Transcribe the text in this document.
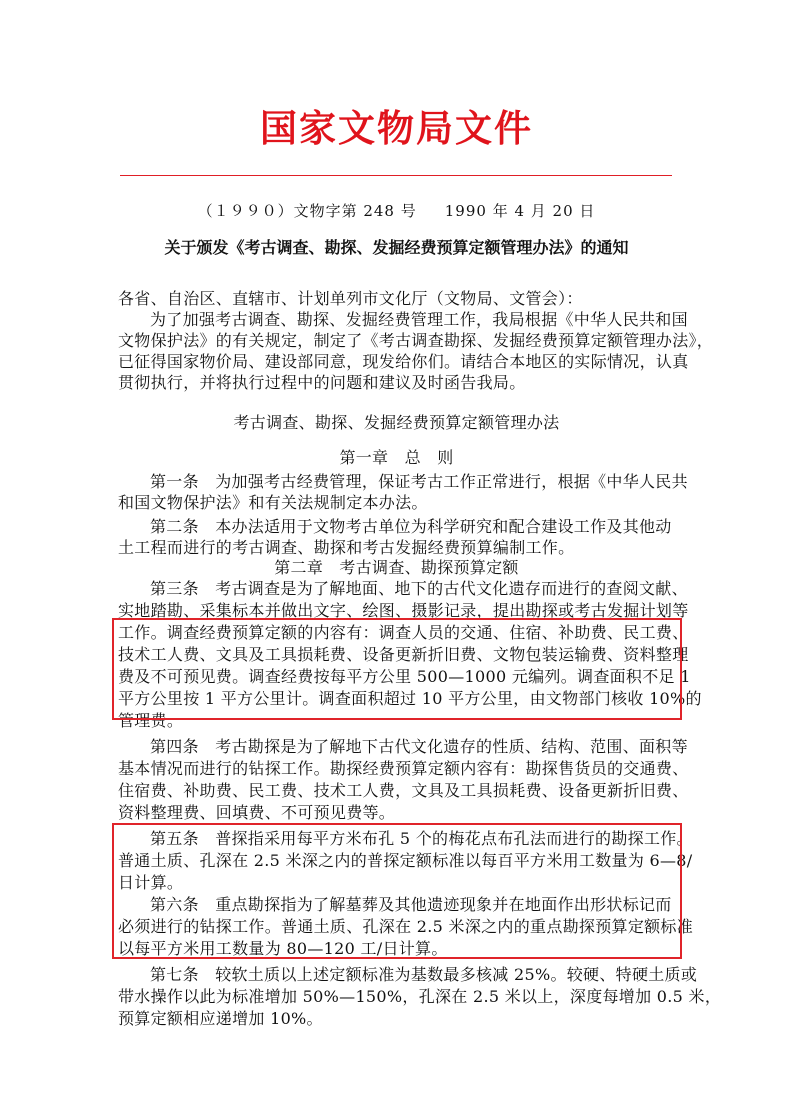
国家文物局文件
（１９９０）文物字第 248 号 1990 年 4 月 20 日
关于颁发《考古调查、勘探、发掘经费预算定额管理办法》的通知
各省、自治区、直辖市、计划单列市文化厅（文物局、文管会）：
为了加强考古调查、勘探、发掘经费管理工作，我局根据《中华人民共和国
文物保护法》的有关规定，制定了《考古调查勘探、发掘经费预算定额管理办法》，
已征得国家物价局、建设部同意，现发给你们。请结合本地区的实际情况，认真
贯彻执行，并将执行过程中的问题和建议及时函告我局。
考古调查、勘探、发掘经费预算定额管理办法
第一章　总　则
第一条　为加强考古经费管理，保证考古工作正常进行，根据《中华人民共
和国文物保护法》和有关法规制定本办法。
第二条　本办法适用于文物考古单位为科学研究和配合建设工作及其他动
土工程而进行的考古调查、勘探和考古发掘经费预算编制工作。
第二章　考古调查、勘探预算定额
第三条　考古调查是为了解地面、地下的古代文化遗存而进行的查阅文献、
实地踏勘、采集标本并做出文字、绘图、摄影记录，提出勘探或考古发掘计划等
工作。调查经费预算定额的内容有：调查人员的交通、住宿、补助费、民工费、
技术工人费、文具及工具损耗费、设备更新折旧费、文物包装运输费、资料整理
费及不可预见费。调查经费按每平方公里 500—1000 元编列。调查面积不足 1
平方公里按 1 平方公里计。调查面积超过 10 平方公里，由文物部门核收 10%的
管理费。
第四条　考古勘探是为了解地下古代文化遗存的性质、结构、范围、面积等
基本情况而进行的钻探工作。勘探经费预算定额内容有：勘探售货员的交通费、
住宿费、补助费、民工费、技术工人费，文具及工具损耗费、设备更新折旧费、
资料整理费、回填费、不可预见费等。
第五条　普探指采用每平方米布孔 5 个的梅花点布孔法而进行的勘探工作。
普通土质、孔深在 2.5 米深之内的普探定额标准以每百平方米用工数量为 6—8/
日计算。
第六条　重点勘探指为了解墓葬及其他遗迹现象并在地面作出形状标记而
必须进行的钻探工作。普通土质、孔深在 2.5 米深之内的重点勘探预算定额标准
以每平方米用工数量为 80—120 工/日计算。
第七条　较软土质以上述定额标准为基数最多核减 25%。较硬、特硬土质或
带水操作以此为标准增加 50%—150%，孔深在 2.5 米以上，深度每增加 0.5 米，
预算定额相应递增加 10%。
